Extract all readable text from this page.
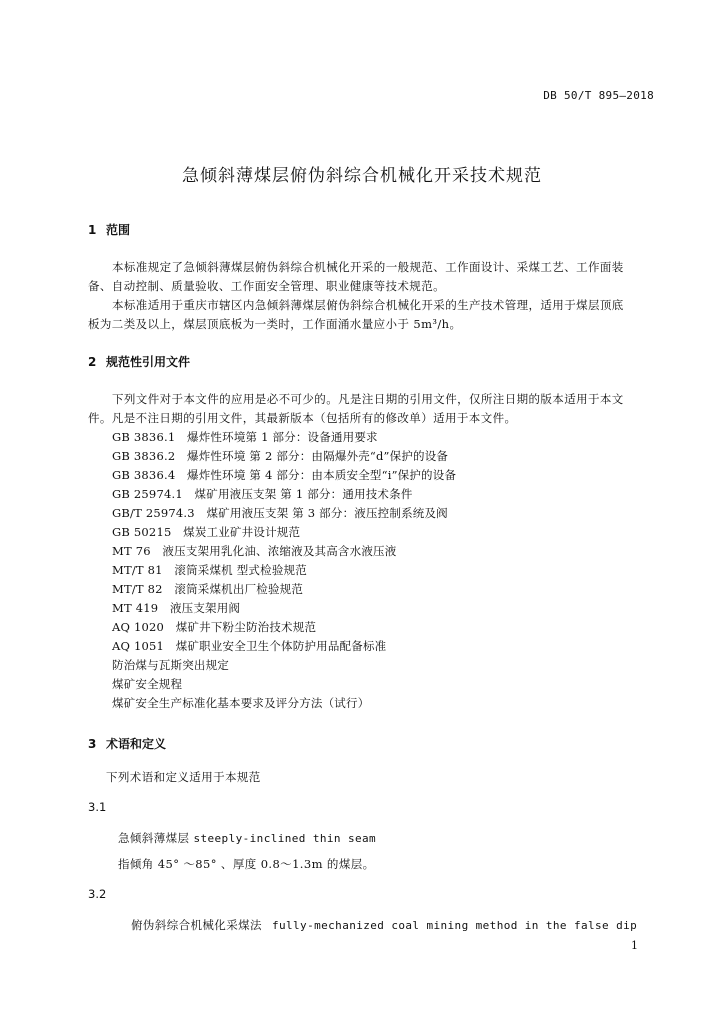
DB 50/T 895—2018
急倾斜薄煤层俯伪斜综合机械化开采技术规范
1 范围
本标准规定了急倾斜薄煤层俯伪斜综合机械化开采的一般规范、工作面设计、采煤工艺、工作面装
备、自动控制、质量验收、工作面安全管理、职业健康等技术规范。
本标准适用于重庆市辖区内急倾斜薄煤层俯伪斜综合机械化开采的生产技术管理，适用于煤层顶底
板为二类及以上，煤层顶底板为一类时，工作面涌水量应小于 5m³/h。
2 规范性引用文件
下列文件对于本文件的应用是必不可少的。凡是注日期的引用文件，仅所注日期的版本适用于本文
件。凡是不注日期的引用文件，其最新版本（包括所有的修改单）适用于本文件。
GB 3836.1　爆炸性环境第 1 部分：设备通用要求
GB 3836.2　爆炸性环境 第 2 部分：由隔爆外壳“d”保护的设备
GB 3836.4　爆炸性环境 第 4 部分：由本质安全型“i”保护的设备
GB 25974.1　煤矿用液压支架 第 1 部分：通用技术条件
GB/T 25974.3　煤矿用液压支架 第 3 部分：液压控制系统及阀
GB 50215　煤炭工业矿井设计规范
MT 76　液压支架用乳化油、浓缩液及其高含水液压液
MT/T 81　滚筒采煤机 型式检验规范
MT/T 82　滚筒采煤机出厂检验规范
MT 419　液压支架用阀
AQ 1020　煤矿井下粉尘防治技术规范
AQ 1051　煤矿职业安全卫生个体防护用品配备标准
防治煤与瓦斯突出规定
煤矿安全规程
煤矿安全生产标准化基本要求及评分方法（试行）
3 术语和定义
下列术语和定义适用于本规范
3.1
急倾斜薄煤层 steeply-inclined thin seam
指倾角 45° ～85° 、厚度 0.8～1.3m 的煤层。
3.2
俯伪斜综合机械化采煤法 fully-mechanized coal mining method in the false dip
1
